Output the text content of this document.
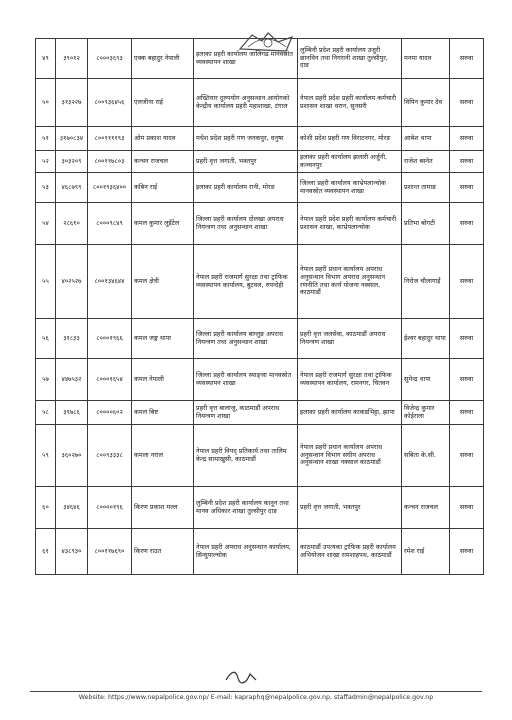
४९	३९०१२	८०००३६९३	एक्क बहादुर नेपाली	इलाका प्रहरी कार्यालय जालिगढ मानवस्रोत व्यवस्थापन शाखा	लुम्बिनी प्रदेश प्रहरी कार्यालय उजुरी छानविन तथा निगरानी शाखा तुल्सीपुर, दाङ	मनमा यादव	सरुवा
५०	३१३२२७	८००९३६४५६	एलजीना राई	अख्तियार दुरुपयोग अनुसन्धान आयोगको केन्द्रीय कार्यालय प्रहरी महाशाखा, टंगाल	नेपाल प्रहरी प्रदेश प्रहरी कार्यालय कर्मचारी प्रशासन शाखा धरान, सुनसरी	विपिन कुमार देव	सरुवा
५१	३१७०८३४	८००११११९३	ओम प्रकाश यादव	मधेश प्रदेश प्रहरी गण जनकपुर, धनुषा	कोशी प्रदेश प्रहरी गण विराटनगर, मोरङ	आबेश थापा	सरुवा
५२	३०३२०९	८००११७८०३	कन्चन राजचल	प्रहरी वृत्त जगाती, भक्तपुर	इलाका प्रहरी कार्यालय झलारी अर्जुनी, कञ्चनपुर	राजेश बस्नेत	सरुवा
५३	४६८७९९	८००१९३६४००	कबिन राई	इलाका प्रहरी कार्यालय रानी, मोरङ	जिल्ला प्रहरी कार्यालय काभ्रेपलान्चोक मानवस्रोत व्यवस्थापन शाखा	प्रशान्त तामाङ	सरुवा
५४	२८६१०	८०००९८४९	कमल कुमार लुइँटेल	जिल्ला प्रहरी कार्यालय दोलखा अपराध नियन्त्रण तथा अनुसन्धान शाखा	नेपाल प्रहरी प्रदेश प्रहरी कार्यालय कर्मचारी प्रशासन शाखा, काभ्रेपलान्चोक	प्रतिभा बोगटी	सरुवा
५५	४०२५२७	८००१३४६४४	कमल क्षेत्री	नेपाल प्रहरी राजमार्ग सुरक्षा तथा ट्राफिक व्यवस्थापन कार्यालय, बुटवल, रुपन्देही	नेपाल प्रहरी प्रधान कार्यालय अपराध अनुसन्धान विभाग अपराध अनुसन्धान रणनीति तथा कार्य योजना नक्साल, काठमाडौं	निरोज चौलागाईं	सरुवा
५६	३१८३३	८०००१९६६	कमल जङ्ग थापा	जिल्ला प्रहरी कार्यालय बाग्लुङ अपराध नियन्त्रण तथा अनुसन्धान शाखा	प्रहरी वृत्त जलसेवा, काठमाडौं अपराध नियन्त्रण शाखा	ईश्वर बहादुर थापा	सरुवा
५७	४४७५३२	८०००१६५४	कमल नेपाली	जिल्ला प्रहरी कार्यालय स्याङ्जा मानवस्रोत व्यवस्थापन शाखा	नेपाल प्रहरी राजमार्ग सुरक्षा तथा ट्राफिक व्यवस्थापन कार्यालय, रामनगर, चितवन	सुमेन्द्र थापा	सरुवा
५८	३९७८६	८००००६०२	कमल बिष्ट	प्रहरी वृत्त बालाजु, काठमाडौं अपराध नियन्त्रण शाखा	इलाका प्रहरी कार्यालय काकडभिट्टा, झापा	विजेन्द्र कुमार कोईराला	सरुवा
५९	३६०२७०	८००९३३३८	कमला नराल	नेपाल प्रहरी विपद् प्रतिकार्य तथा तालिम केन्द्र सामाखुसी, काठमाडौं	नेपाल प्रहरी प्रधान कार्यालय अपराध अनुसन्धान विभाग संघीय अपराध अनुसन्धान शाखा नक्साल काठमाडौं	सबिता के.सी.	सरुवा
६०	३४६४६	८००००१९६	किरण प्रकाश मल्ल	लुम्बिनी प्रदेश प्रहरी कार्यालय कानून तथा मानव अधिकार शाखा तुल्सीपुर दाङ	प्रहरी वृत्त जगाती, भक्तपुर	कन्चन राजचल	सरुवा
६१	४३८९३०	८००११७६९०	किरण राउत	नेपाल प्रहरी अपराध अनुसन्धान कार्यालय, सिन्धुपाल्चोक	काठमाडौं उपत्यका ट्राफिक प्रहरी कार्यालय अभियोजन शाखा रामशाहपथ, काठमाडौं	रमेश राई	सरुवा
Website: https://www.nepalpolice.gov.np/ E-mail: kapraphq@nepalpolice.gov.np, staffadmin@nepalpolice.gov.np
